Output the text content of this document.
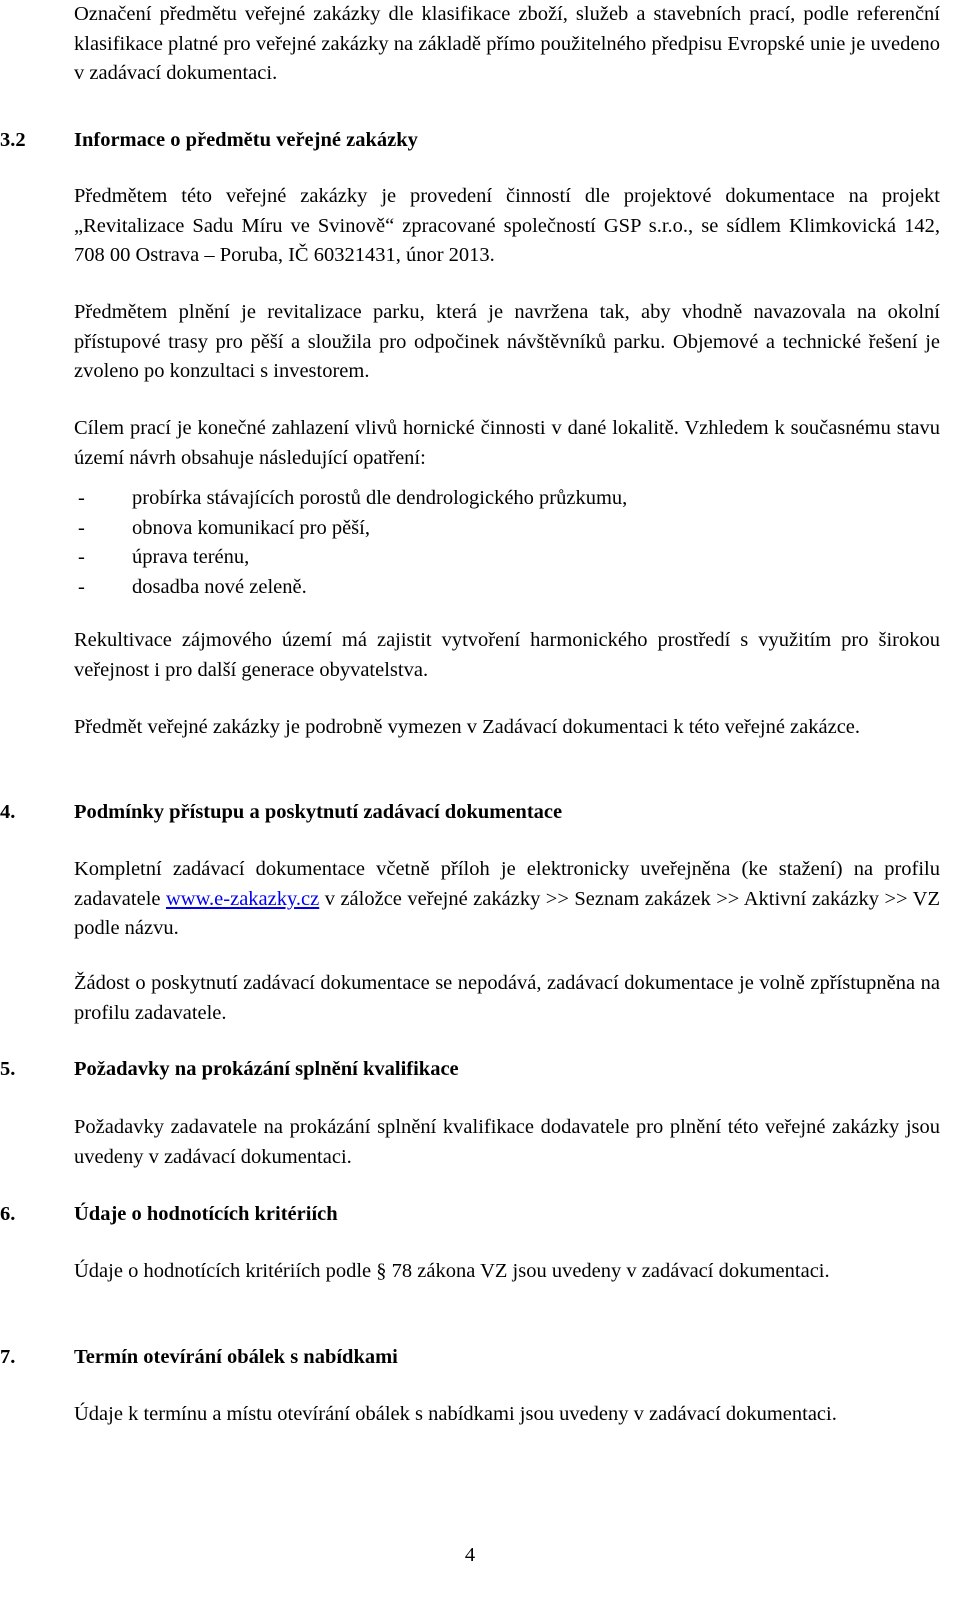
Označení předmětu veřejné zakázky dle klasifikace zboží, služeb a stavebních prací, podle referenční klasifikace platné pro veřejné zakázky na základě přímo použitelného předpisu Evropské unie je uvedeno v zadávací dokumentaci.

3.2	Informace o předmětu veřejné zakázky

Předmětem této veřejné zakázky je provedení činností dle projektové dokumentace na projekt „Revitalizace Sadu Míru ve Svinově“ zpracované společností GSP s.r.o., se sídlem Klimkovická 142, 708 00 Ostrava – Poruba, IČ 60321431, únor 2013.

Předmětem plnění je revitalizace parku, která je navržena tak, aby vhodně navazovala na okolní přístupové trasy pro pěší a sloužila pro odpočinek návštěvníků parku. Objemové a technické řešení je zvoleno po konzultaci s investorem.

Cílem prací je konečné zahlazení vlivů hornické činnosti v dané lokalitě. Vzhledem k současnému stavu území návrh obsahuje následující opatření:

- probírka stávajících porostů dle dendrologického průzkumu,
- obnova komunikací pro pěší,
- úprava terénu,
- dosadba nové zeleně.

Rekultivace zájmového území má zajistit vytvoření harmonického prostředí s využitím pro širokou veřejnost i pro další generace obyvatelstva.

Předmět veřejné zakázky je podrobně vymezen v Zadávací dokumentaci k této veřejné zakázce.

4.	Podmínky přístupu a poskytnutí zadávací dokumentace

Kompletní zadávací dokumentace včetně příloh je elektronicky uveřejněna (ke stažení) na profilu zadavatele www.e-zakazky.cz v záložce veřejné zakázky >> Seznam zakázek >> Aktivní zakázky >> VZ podle názvu.

Žádost o poskytnutí zadávací dokumentace se nepodává, zadávací dokumentace je volně zpřístupněna na profilu zadavatele.

5.	Požadavky na prokázání splnění kvalifikace

Požadavky zadavatele na prokázání splnění kvalifikace dodavatele pro plnění této veřejné zakázky jsou uvedeny v zadávací dokumentaci.

6.	Údaje o hodnotících kritériích

Údaje o hodnotících kritériích podle § 78 zákona VZ jsou uvedeny v zadávací dokumentaci.

7.	Termín otevírání obálek s nabídkami

Údaje k termínu a místu otevírání obálek s nabídkami jsou uvedeny v zadávací dokumentaci.

4
